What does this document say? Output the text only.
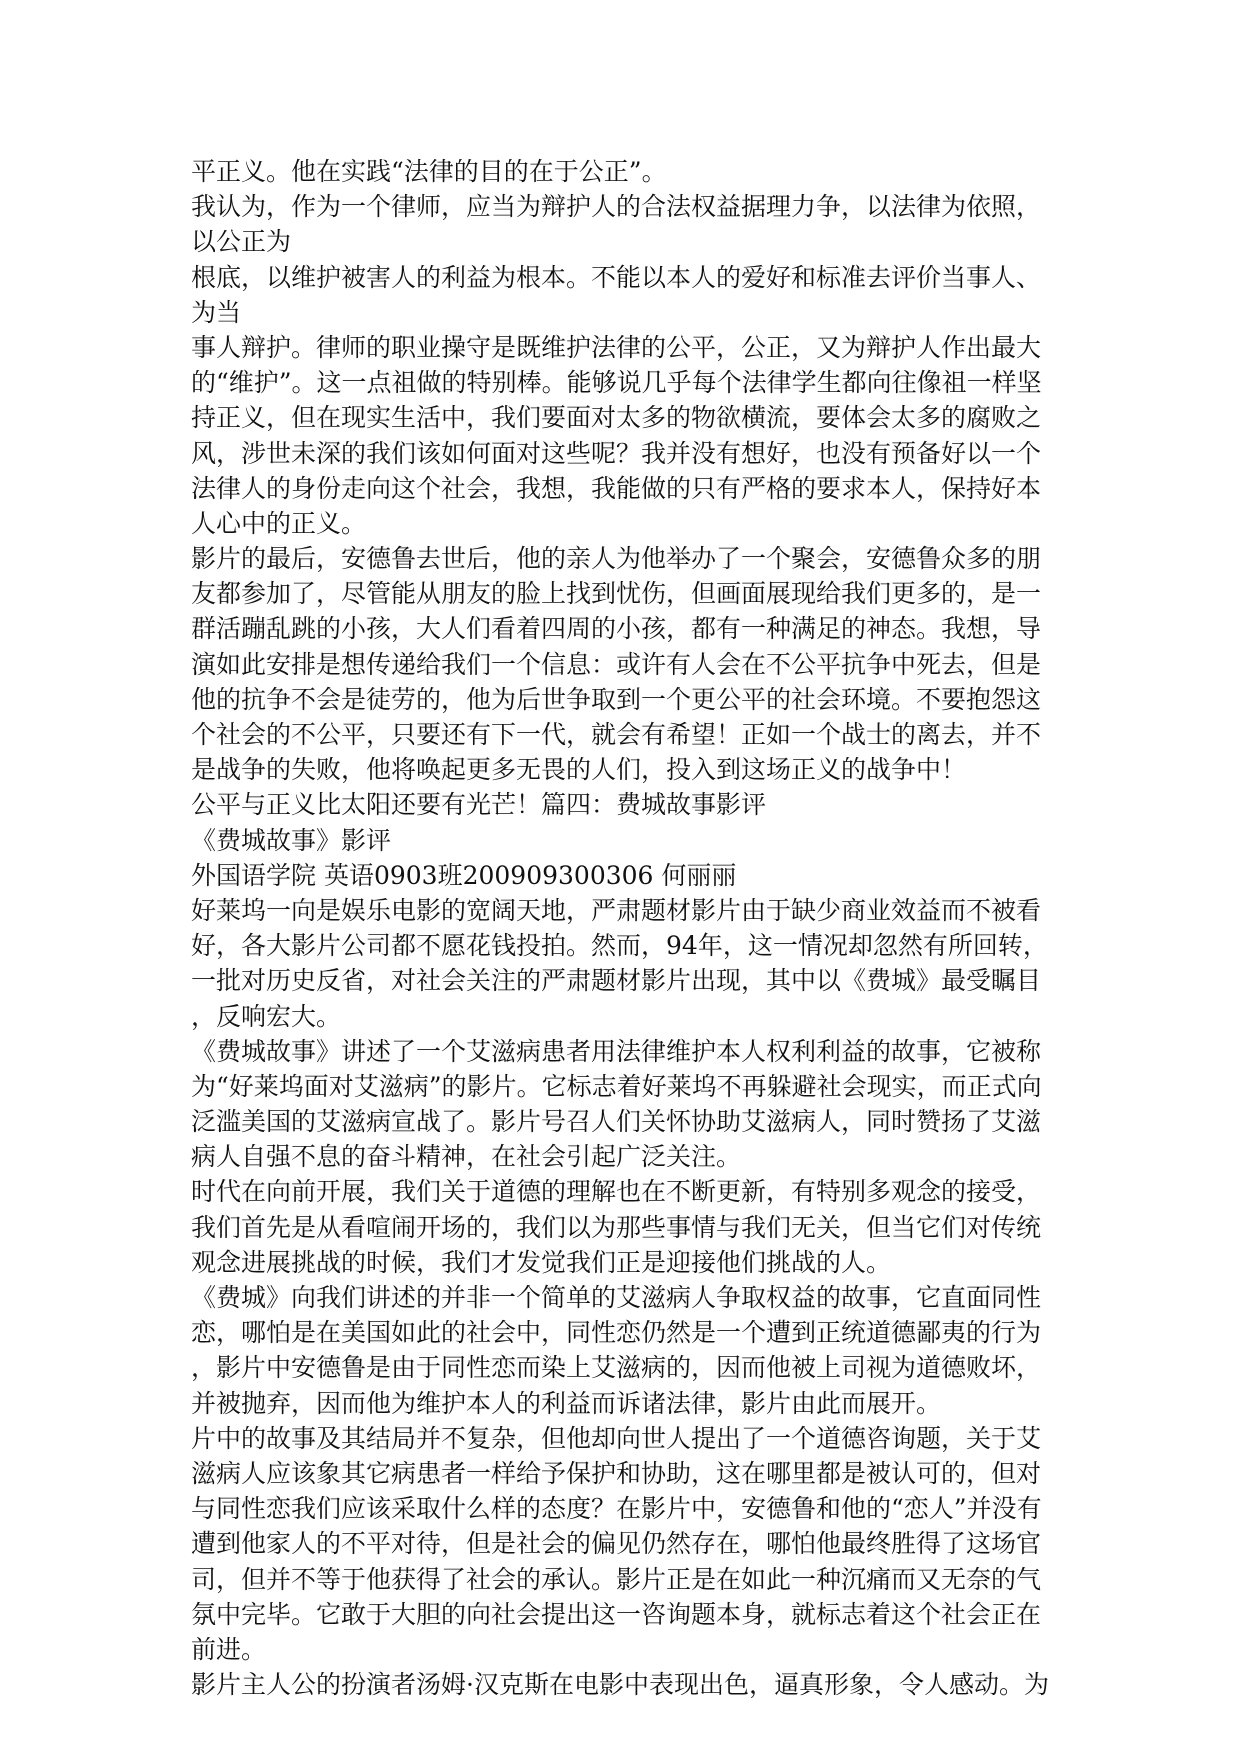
平正义。他在实践“法律的目的在于公正”。
我认为，作为一个律师，应当为辩护人的合法权益据理力争，以法律为依照，
以公正为
根底，以维护被害人的利益为根本。不能以本人的爱好和标准去评价当事人、
为当
事人辩护。律师的职业操守是既维护法律的公平，公正，又为辩护人作出最大
的“维护”。这一点祖做的特别棒。能够说几乎每个法律学生都向往像祖一样坚
持正义，但在现实生活中，我们要面对太多的物欲横流，要体会太多的腐败之
风，涉世未深的我们该如何面对这些呢？我并没有想好，也没有预备好以一个
法律人的身份走向这个社会，我想，我能做的只有严格的要求本人，保持好本
人心中的正义。
影片的最后，安德鲁去世后，他的亲人为他举办了一个聚会，安德鲁众多的朋
友都参加了，尽管能从朋友的脸上找到忧伤，但画面展现给我们更多的，是一
群活蹦乱跳的小孩，大人们看着四周的小孩，都有一种满足的神态。我想，导
演如此安排是想传递给我们一个信息：或许有人会在不公平抗争中死去，但是
他的抗争不会是徒劳的，他为后世争取到一个更公平的社会环境。不要抱怨这
个社会的不公平，只要还有下一代，就会有希望！正如一个战士的离去，并不
是战争的失败，他将唤起更多无畏的人们，投入到这场正义的战争中！
公平与正义比太阳还要有光芒！篇四：费城故事影评
《费城故事》影评
外国语学院 英语0903班200909300306 何丽丽
好莱坞一向是娱乐电影的宽阔天地，严肃题材影片由于缺少商业效益而不被看
好，各大影片公司都不愿花钱投拍。然而，94年，这一情况却忽然有所回转，
一批对历史反省，对社会关注的严肃题材影片出现，其中以《费城》最受瞩目
，反响宏大。
《费城故事》讲述了一个艾滋病患者用法律维护本人权利利益的故事，它被称
为“好莱坞面对艾滋病”的影片。它标志着好莱坞不再躲避社会现实，而正式向
泛滥美国的艾滋病宣战了。影片号召人们关怀协助艾滋病人，同时赞扬了艾滋
病人自强不息的奋斗精神，在社会引起广泛关注。
时代在向前开展，我们关于道德的理解也在不断更新，有特别多观念的接受，
我们首先是从看喧闹开场的，我们以为那些事情与我们无关，但当它们对传统
观念进展挑战的时候，我们才发觉我们正是迎接他们挑战的人。
《费城》向我们讲述的并非一个简单的艾滋病人争取权益的故事，它直面同性
恋，哪怕是在美国如此的社会中，同性恋仍然是一个遭到正统道德鄙夷的行为
，影片中安德鲁是由于同性恋而染上艾滋病的，因而他被上司视为道德败坏，
并被抛弃，因而他为维护本人的利益而诉诸法律，影片由此而展开。
片中的故事及其结局并不复杂，但他却向世人提出了一个道德咨询题，关于艾
滋病人应该象其它病患者一样给予保护和协助，这在哪里都是被认可的，但对
与同性恋我们应该采取什么样的态度？在影片中，安德鲁和他的“恋人”并没有
遭到他家人的不平对待，但是社会的偏见仍然存在，哪怕他最终胜得了这场官
司，但并不等于他获得了社会的承认。影片正是在如此一种沉痛而又无奈的气
氛中完毕。它敢于大胆的向社会提出这一咨询题本身，就标志着这个社会正在
前进。
影片主人公的扮演者汤姆·汉克斯在电影中表现出色，逼真形象，令人感动。为
